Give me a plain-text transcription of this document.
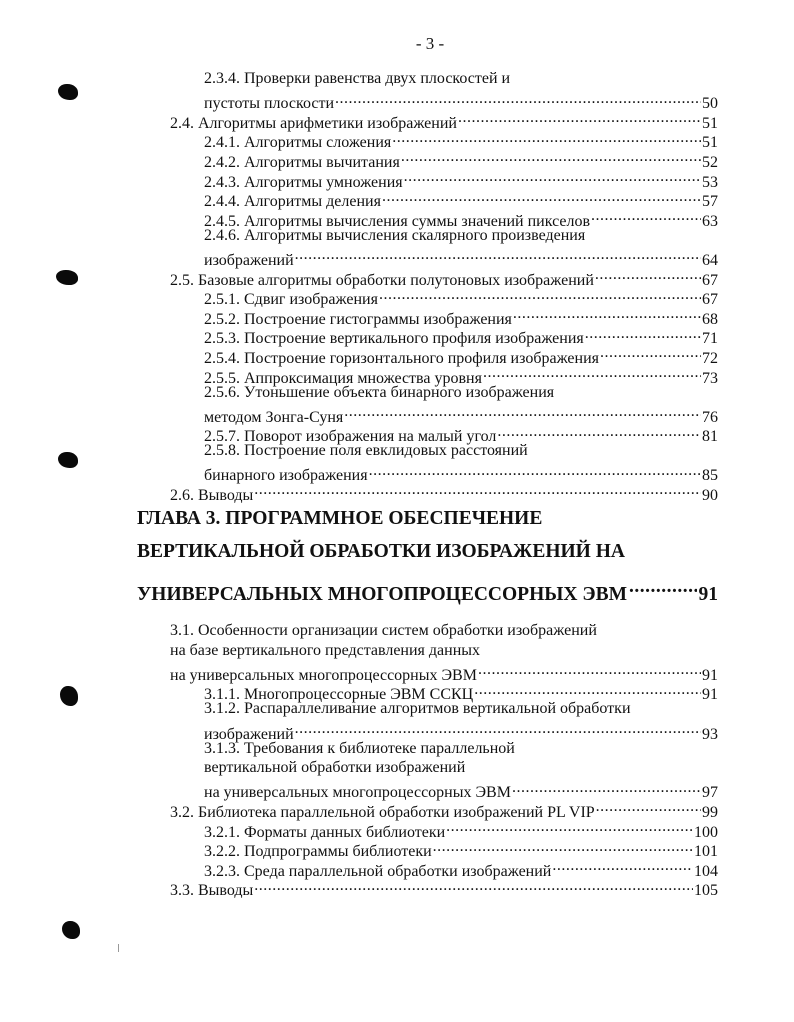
- 3 -
2.3.4. Проверки равенства двух плоскостей и
пустоты плоскости .....	50
2.4. Алгоритмы арифметики изображений .....	51
2.4.1. Алгоритмы сложения .....	51
2.4.2. Алгоритмы вычитания .....	52
2.4.3. Алгоритмы умножения .....	53
2.4.4. Алгоритмы деления .....	57
2.4.5. Алгоритмы вычисления суммы значений пикселов .....	63
2.4.6. Алгоритмы вычисления скалярного произведения
изображений .....	64
2.5. Базовые алгоритмы обработки полутоновых изображений .....	67
2.5.1. Сдвиг изображения .....	67
2.5.2. Построение гистограммы изображения .....	68
2.5.3. Построение вертикального профиля изображения .....	71
2.5.4. Построение горизонтального профиля изображения .....	72
2.5.5. Аппроксимация множества уровня .....	73
2.5.6. Утоньшение объекта бинарного изображения
методом Зонга-Суня .....	76
2.5.7. Поворот изображения на малый угол .....	81
2.5.8. Построение поля евклидовых расстояний
бинарного изображения .....	85
2.6. Выводы .....	90
ГЛАВА 3. ПРОГРАММНОЕ ОБЕСПЕЧЕНИЕ
ВЕРТИКАЛЬНОЙ ОБРАБОТКИ ИЗОБРАЖЕНИЙ НА
УНИВЕРСАЛЬНЫХ МНОГОПРОЦЕССОРНЫХ ЭВМ .....	91
3.1. Особенности организации систем обработки изображений
на базе вертикального представления данных
на универсальных многопроцессорных ЭВМ .....	91
3.1.1. Многопроцессорные ЭВМ ССКЦ .....	91
3.1.2. Распараллеливание алгоритмов вертикальной обработки
изображений .....	93
3.1.3. Требования к библиотеке параллельной
вертикальной обработки изображений
на универсальных многопроцессорных ЭВМ .....	97
3.2. Библиотека параллельной обработки изображений PL VIP .....	99
3.2.1. Форматы данных библиотеки .....	100
3.2.2. Подпрограммы библиотеки .....	101
3.2.3. Среда параллельной обработки изображений .....	104
3.3. Выводы .....	105
